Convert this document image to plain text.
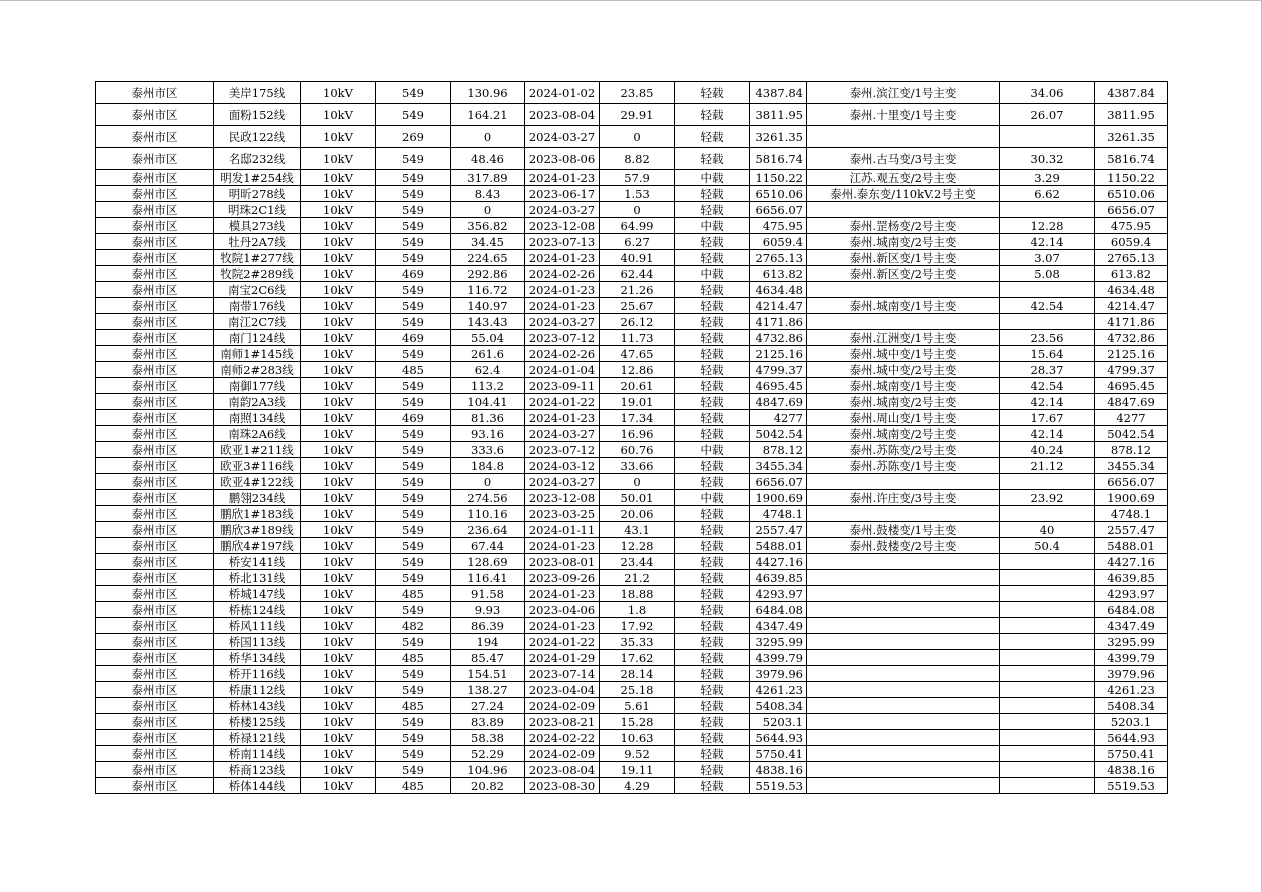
泰州市区	美岸175线	10kV	549	130.96	2024-01-02	23.85	轻载	4387.84	泰州.滨江变/1号主变	34.06	4387.84
泰州市区	面粉152线	10kV	549	164.21	2023-08-04	29.91	轻载	3811.95	泰州.十里变/1号主变	26.07	3811.95
泰州市区	民政122线	10kV	269	0	2024-03-27	0	轻载	3261.35			3261.35
泰州市区	名邸232线	10kV	549	48.46	2023-08-06	8.82	轻载	5816.74	泰州.古马变/3号主变	30.32	5816.74
泰州市区	明发1#254线	10kV	549	317.89	2024-01-23	57.9	中载	1150.22	江苏.观五变/2号主变	3.29	1150.22
泰州市区	明昕278线	10kV	549	8.43	2023-06-17	1.53	轻载	6510.06	泰州.泰东变/110kV.2号主变	6.62	6510.06
泰州市区	明珠2C1线	10kV	549	0	2024-03-27	0	轻载	6656.07			6656.07
泰州市区	模具273线	10kV	549	356.82	2023-12-08	64.99	中载	475.95	泰州.罡杨变/2号主变	12.28	475.95
泰州市区	牡丹2A7线	10kV	549	34.45	2023-07-13	6.27	轻载	6059.4	泰州.城南变/2号主变	42.14	6059.4
泰州市区	牧院1#277线	10kV	549	224.65	2024-01-23	40.91	轻载	2765.13	泰州.新区变/1号主变	3.07	2765.13
泰州市区	牧院2#289线	10kV	469	292.86	2024-02-26	62.44	中载	613.82	泰州.新区变/2号主变	5.08	613.82
泰州市区	南宝2C6线	10kV	549	116.72	2024-01-23	21.26	轻载	4634.48			4634.48
泰州市区	南带176线	10kV	549	140.97	2024-01-23	25.67	轻载	4214.47	泰州.城南变/1号主变	42.54	4214.47
泰州市区	南江2C7线	10kV	549	143.43	2024-03-27	26.12	轻载	4171.86			4171.86
泰州市区	南门124线	10kV	469	55.04	2023-07-12	11.73	轻载	4732.86	泰州.江洲变/1号主变	23.56	4732.86
泰州市区	南师1#145线	10kV	549	261.6	2024-02-26	47.65	轻载	2125.16	泰州.城中变/1号主变	15.64	2125.16
泰州市区	南师2#283线	10kV	485	62.4	2024-01-04	12.86	轻载	4799.37	泰州.城中变/2号主变	28.37	4799.37
泰州市区	南御177线	10kV	549	113.2	2023-09-11	20.61	轻载	4695.45	泰州.城南变/1号主变	42.54	4695.45
泰州市区	南韵2A3线	10kV	549	104.41	2024-01-22	19.01	轻载	4847.69	泰州.城南变/2号主变	42.14	4847.69
泰州市区	南照134线	10kV	469	81.36	2024-01-23	17.34	轻载	4277	泰州.周山变/1号主变	17.67	4277
泰州市区	南珠2A6线	10kV	549	93.16	2024-03-27	16.96	轻载	5042.54	泰州.城南变/2号主变	42.14	5042.54
泰州市区	欧亚1#211线	10kV	549	333.6	2023-07-12	60.76	中载	878.12	泰州.苏陈变/2号主变	40.24	878.12
泰州市区	欧亚3#116线	10kV	549	184.8	2024-03-12	33.66	轻载	3455.34	泰州.苏陈变/1号主变	21.12	3455.34
泰州市区	欧亚4#122线	10kV	549	0	2024-03-27	0	轻载	6656.07			6656.07
泰州市区	鹏翎234线	10kV	549	274.56	2023-12-08	50.01	中载	1900.69	泰州.许庄变/3号主变	23.92	1900.69
泰州市区	鹏欣1#183线	10kV	549	110.16	2023-03-25	20.06	轻载	4748.1			4748.1
泰州市区	鹏欣3#189线	10kV	549	236.64	2024-01-11	43.1	轻载	2557.47	泰州.鼓楼变/1号主变	40	2557.47
泰州市区	鹏欣4#197线	10kV	549	67.44	2024-01-23	12.28	轻载	5488.01	泰州.鼓楼变/2号主变	50.4	5488.01
泰州市区	桥安141线	10kV	549	128.69	2023-08-01	23.44	轻载	4427.16			4427.16
泰州市区	桥北131线	10kV	549	116.41	2023-09-26	21.2	轻载	4639.85			4639.85
泰州市区	桥城147线	10kV	485	91.58	2024-01-23	18.88	轻载	4293.97			4293.97
泰州市区	桥栋124线	10kV	549	9.93	2023-04-06	1.8	轻载	6484.08			6484.08
泰州市区	桥风111线	10kV	482	86.39	2024-01-23	17.92	轻载	4347.49			4347.49
泰州市区	桥国113线	10kV	549	194	2024-01-22	35.33	轻载	3295.99			3295.99
泰州市区	桥华134线	10kV	485	85.47	2024-01-29	17.62	轻载	4399.79			4399.79
泰州市区	桥开116线	10kV	549	154.51	2023-07-14	28.14	轻载	3979.96			3979.96
泰州市区	桥康112线	10kV	549	138.27	2023-04-04	25.18	轻载	4261.23			4261.23
泰州市区	桥林143线	10kV	485	27.24	2024-02-09	5.61	轻载	5408.34			5408.34
泰州市区	桥楼125线	10kV	549	83.89	2023-08-21	15.28	轻载	5203.1			5203.1
泰州市区	桥禄121线	10kV	549	58.38	2024-02-22	10.63	轻载	5644.93			5644.93
泰州市区	桥南114线	10kV	549	52.29	2024-02-09	9.52	轻载	5750.41			5750.41
泰州市区	桥商123线	10kV	549	104.96	2023-08-04	19.11	轻载	4838.16			4838.16
泰州市区	桥体144线	10kV	485	20.82	2023-08-30	4.29	轻载	5519.53			5519.53
